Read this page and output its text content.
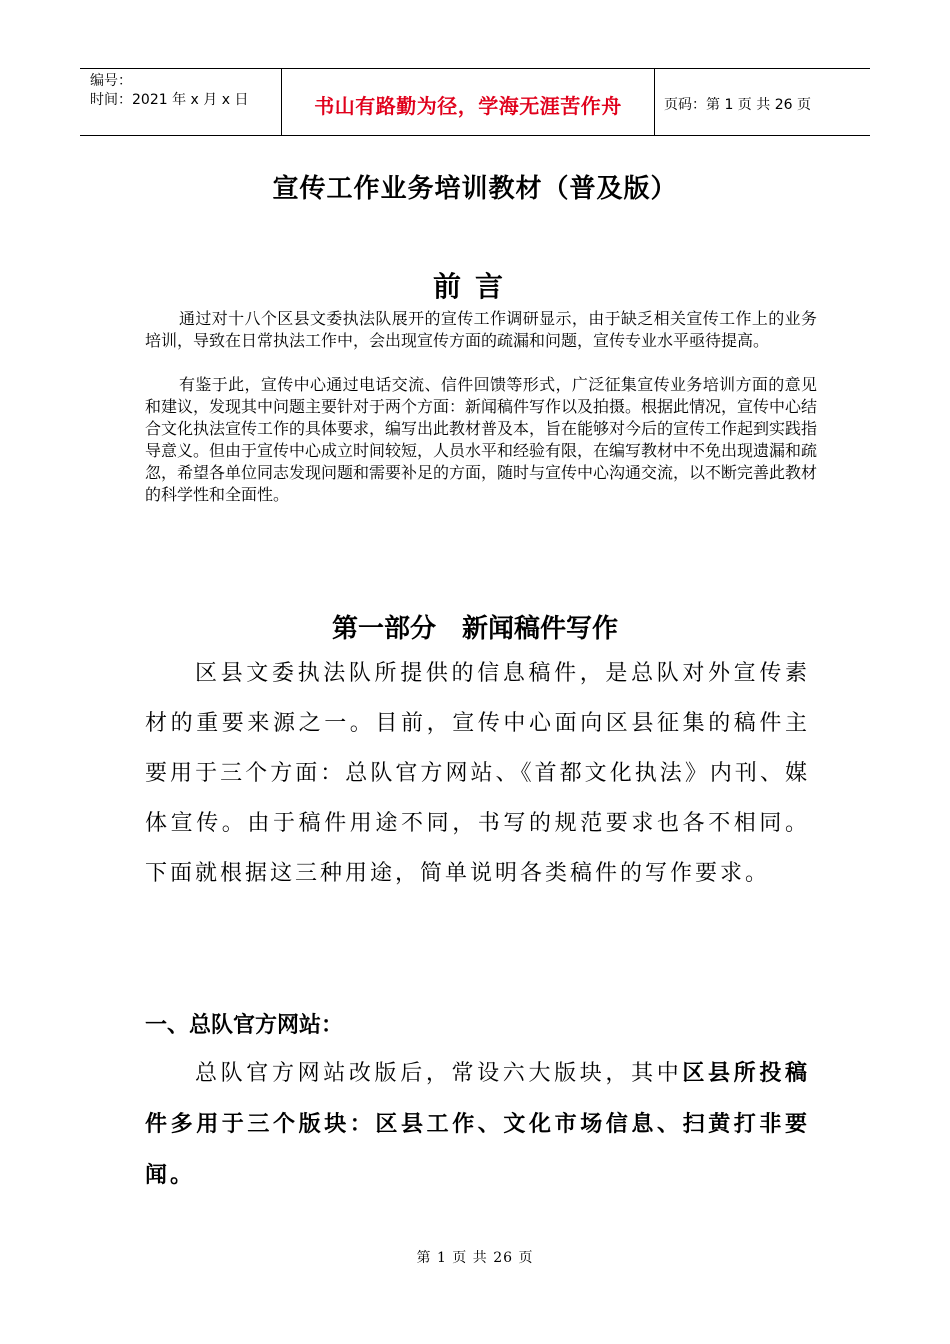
编号：
时间：2021 年 x 月 x 日	书山有路勤为径，学海无涯苦作舟	页码：第 1 页 共 26 页
宣传工作业务培训教材（普及版）
前言
通过对十八个区县文委执法队展开的宣传工作调研显示，由于缺乏相关宣传工作上的业务培训，导致在日常执法工作中，会出现宣传方面的疏漏和问题，宣传专业水平亟待提高。
有鉴于此，宣传中心通过电话交流、信件回馈等形式，广泛征集宣传业务培训方面的意见和建议，发现其中问题主要针对于两个方面：新闻稿件写作以及拍摄。根据此情况，宣传中心结合文化执法宣传工作的具体要求，编写出此教材普及本，旨在能够对今后的宣传工作起到实践指导意义。但由于宣传中心成立时间较短，人员水平和经验有限，在编写教材中不免出现遗漏和疏忽，希望各单位同志发现问题和需要补足的方面，随时与宣传中心沟通交流，以不断完善此教材的科学性和全面性。
第一部分 新闻稿件写作
区县文委执法队所提供的信息稿件，是总队对外宣传素材的重要来源之一。目前，宣传中心面向区县征集的稿件主要用于三个方面：总队官方网站、《首都文化执法》内刊、媒体宣传。由于稿件用途不同，书写的规范要求也各不相同。下面就根据这三种用途，简单说明各类稿件的写作要求。
一、总队官方网站：
总队官方网站改版后，常设六大版块，其中区县所投稿件多用于三个版块：区县工作、文化市场信息、扫黄打非要闻。
第 1 页 共 26 页
